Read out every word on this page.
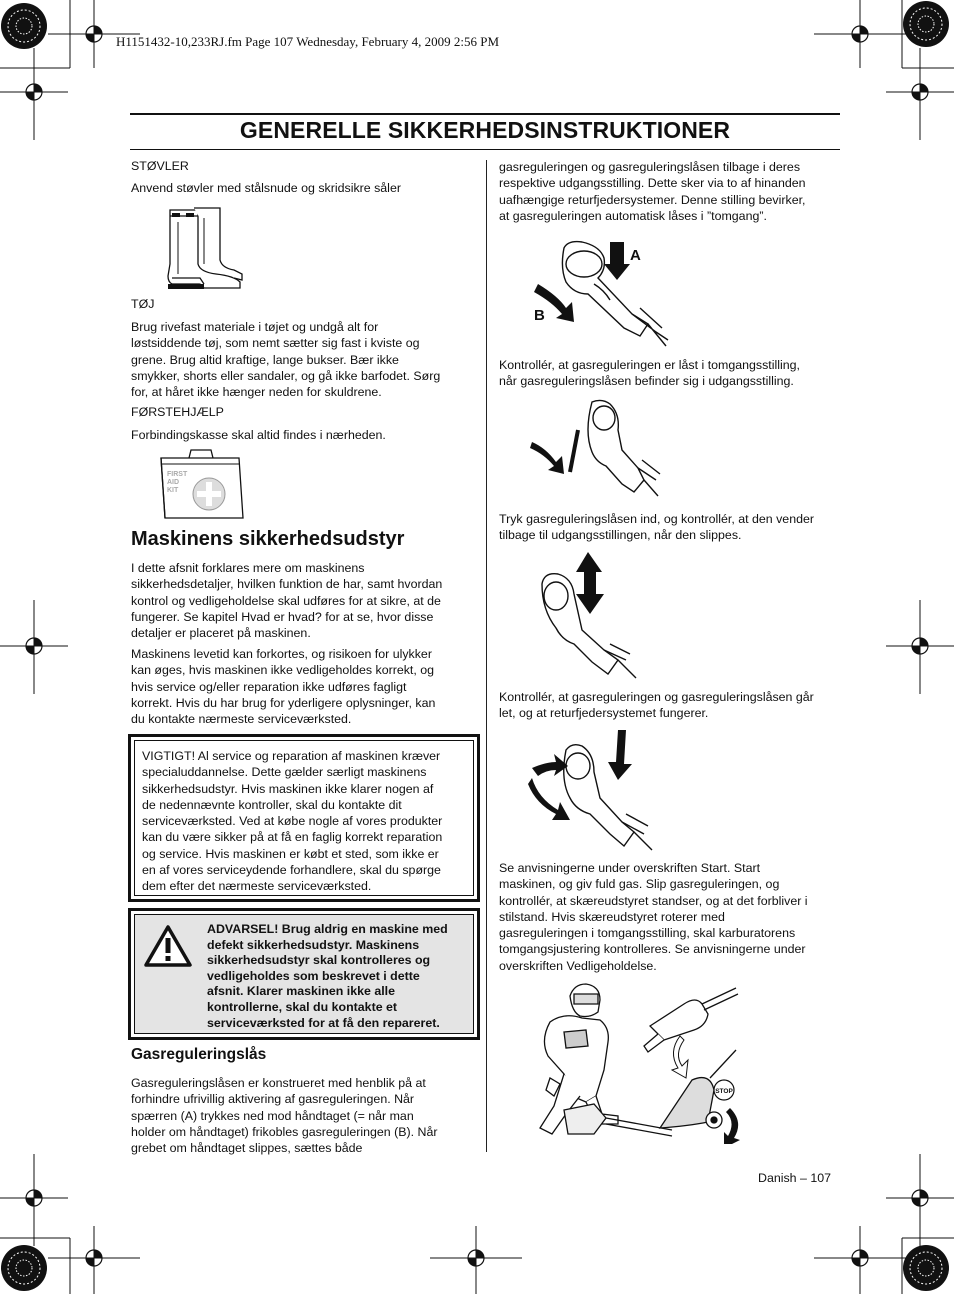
H1151432-10,233RJ.fm Page 107 Wednesday, February 4, 2009 2:56 PM
GENERELLE SIKKERHEDSINSTRUKTIONER
STØVLER
Anvend støvler med stålsnude og skridsikre såler
TØJ
Brug rivefast materiale i tøjet og undgå alt for
løstsiddende tøj, som nemt sætter sig fast i kviste og
grene. Brug altid kraftige, lange bukser. Bær ikke
smykker, shorts eller sandaler, og gå ikke barfodet. Sørg
for, at håret ikke hænger neden for skuldrene.
FØRSTEHJÆLP
Forbindingskasse skal altid findes i nærheden.
FIRST
AID
KIT
Maskinens sikkerhedsudstyr
I dette afsnit forklares mere om maskinens
sikkerhedsdetaljer, hvilken funktion de har, samt hvordan
kontrol og vedligeholdelse skal udføres for at sikre, at de
fungerer. Se kapitel Hvad er hvad? for at se, hvor disse
detaljer er placeret på maskinen.
Maskinens levetid kan forkortes, og risikoen for ulykker
kan øges, hvis maskinen ikke vedligeholdes korrekt, og
hvis service og/eller reparation ikke udføres fagligt
korrekt. Hvis du har brug for yderligere oplysninger, kan
du kontakte nærmeste serviceværksted.
VIGTIGT! Al service og reparation af maskinen kræver
specialuddannelse. Dette gælder særligt maskinens
sikkerhedsudstyr. Hvis maskinen ikke klarer nogen af
de nedennævnte kontroller, skal du kontakte dit
serviceværksted. Ved at købe nogle af vores produkter
kan du være sikker på at få en faglig korrekt reparation
og service. Hvis maskinen er købt et sted, som ikke er
en af vores serviceydende forhandlere, skal du spørge
dem efter det nærmeste serviceværksted.
ADVARSEL! Brug aldrig en maskine med
defekt sikkerhedsudstyr. Maskinens
sikkerhedsudstyr skal kontrolleres og
vedligeholdes som beskrevet i dette
afsnit. Klarer maskinen ikke alle
kontrollerne, skal du kontakte et
serviceværksted for at få den repareret.
Gasreguleringslås
Gasreguleringslåsen er konstrueret med henblik på at
forhindre ufrivillig aktivering af gasreguleringen. Når
spærren (A) trykkes ned mod håndtaget (= når man
holder om håndtaget) frikobles gasreguleringen (B). Når
grebet om håndtaget slippes, sættes både
gasreguleringen og gasreguleringslåsen tilbage i deres
respektive udgangsstilling. Dette sker via to af hinanden
uafhængige returfjedersystemer. Denne stilling bevirker,
at gasreguleringen automatisk låses i ”tomgang”.
A
B
Kontrollér, at gasreguleringen er låst i tomgangsstilling,
når gasreguleringslåsen befinder sig i udgangsstilling.
Tryk gasreguleringslåsen ind, og kontrollér, at den vender
tilbage til udgangsstillingen, når den slippes.
Kontrollér, at gasreguleringen og gasreguleringslåsen går
let, og at returfjedersystemet fungerer.
Se anvisningerne under overskriften Start. Start
maskinen, og giv fuld gas. Slip gasreguleringen, og
kontrollér, at skæreudstyret standser, og at det forbliver i
stilstand. Hvis skæreudstyret roterer med
gasreguleringen i tomgangsstilling, skal karburatorens
tomgangsjustering kontrolleres. Se anvisningerne under
overskriften Vedligeholdelse.
STOP
Danish – 107
